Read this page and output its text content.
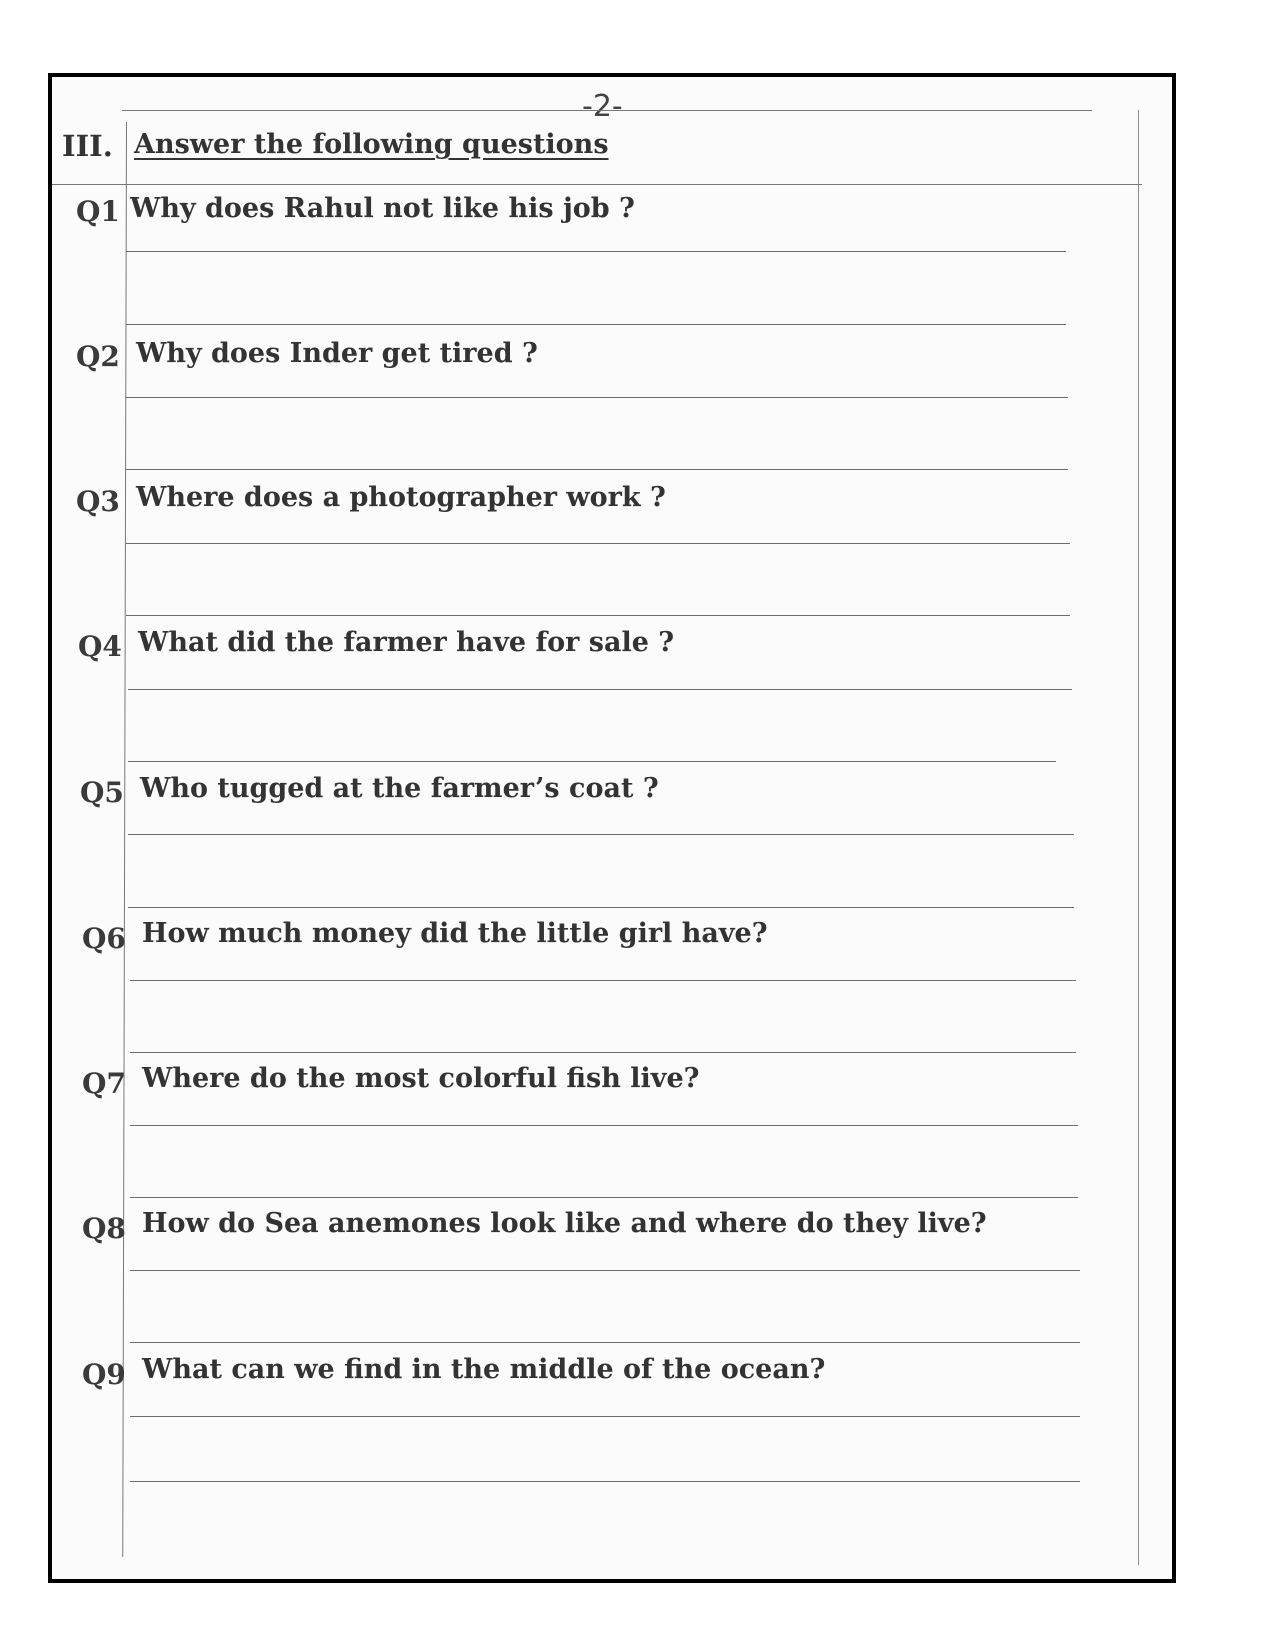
-2-
III. Answer the following questions
Q1 Why does Rahul not like his job ?
Q2 Why does Inder get tired ?
Q3 Where does a photographer work ?
Q4 What did the farmer have for sale ?
Q5 Who tugged at the farmer’s coat ?
Q6 How much money did the little girl have?
Q7 Where do the most colorful fish live?
Q8 How do Sea anemones look like and where do they live?
Q9 What can we find in the middle of the ocean?
